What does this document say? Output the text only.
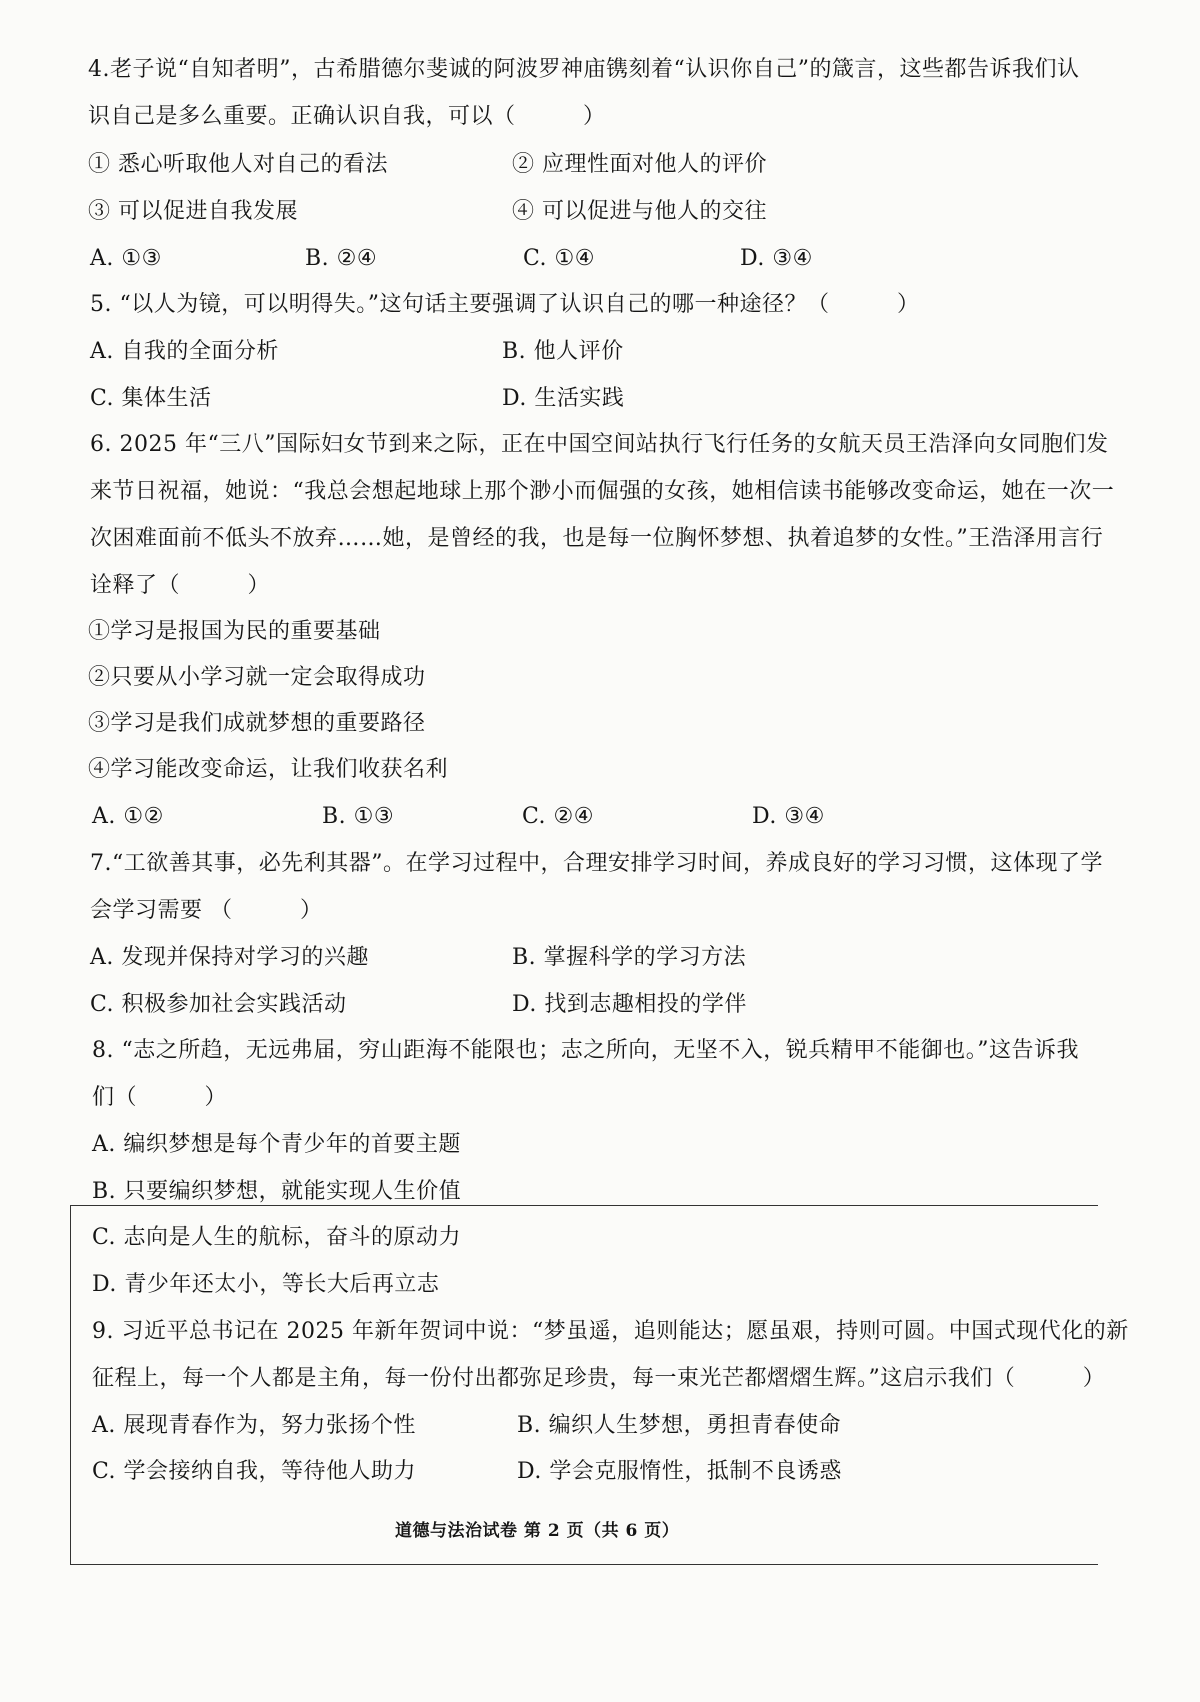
4.老子说“自知者明”，古希腊德尔斐诚的阿波罗神庙镌刻着“认识你自己”的箴言，这些都告诉我们认
识自己是多么重要。正确认识自我，可以（　　　）
① 悉心听取他人对自己的看法	② 应理性面对他人的评价
③ 可以促进自我发展	④ 可以促进与他人的交往
A. ①③	B. ②④	C. ①④	D. ③④
5. “以人为镜，可以明得失。”这句话主要强调了认识自己的哪一种途径？（　　　）
A. 自我的全面分析	B. 他人评价
C. 集体生活	D. 生活实践
6. 2025 年“三八”国际妇女节到来之际，正在中国空间站执行飞行任务的女航天员王浩泽向女同胞们发
来节日祝福，她说：“我总会想起地球上那个渺小而倔强的女孩，她相信读书能够改变命运，她在一次一
次困难面前不低头不放弃……她，是曾经的我，也是每一位胸怀梦想、执着追梦的女性。”王浩泽用言行
诠释了（　　　）
①学习是报国为民的重要基础
②只要从小学习就一定会取得成功
③学习是我们成就梦想的重要路径
④学习能改变命运，让我们收获名利
A. ①②	B. ①③	C. ②④	D. ③④
7.“工欲善其事，必先利其器”。在学习过程中，合理安排学习时间，养成良好的学习习惯，这体现了学
会学习需要 （　　　）
A. 发现并保持对学习的兴趣	B. 掌握科学的学习方法
C. 积极参加社会实践活动	D. 找到志趣相投的学伴
8. “志之所趋，无远弗届，穷山距海不能限也；志之所向，无坚不入，锐兵精甲不能御也。”这告诉我
们（　　　）
A. 编织梦想是每个青少年的首要主题
B. 只要编织梦想，就能实现人生价值
C. 志向是人生的航标，奋斗的原动力
D. 青少年还太小，等长大后再立志
9. 习近平总书记在 2025 年新年贺词中说：“梦虽遥，追则能达；愿虽艰，持则可圆。中国式现代化的新
征程上，每一个人都是主角，每一份付出都弥足珍贵，每一束光芒都熠熠生辉。”这启示我们（　　　）
A. 展现青春作为，努力张扬个性	B. 编织人生梦想，勇担青春使命
C. 学会接纳自我，等待他人助力	D. 学会克服惰性，抵制不良诱惑
道德与法治试卷 第 2 页（共 6 页）
